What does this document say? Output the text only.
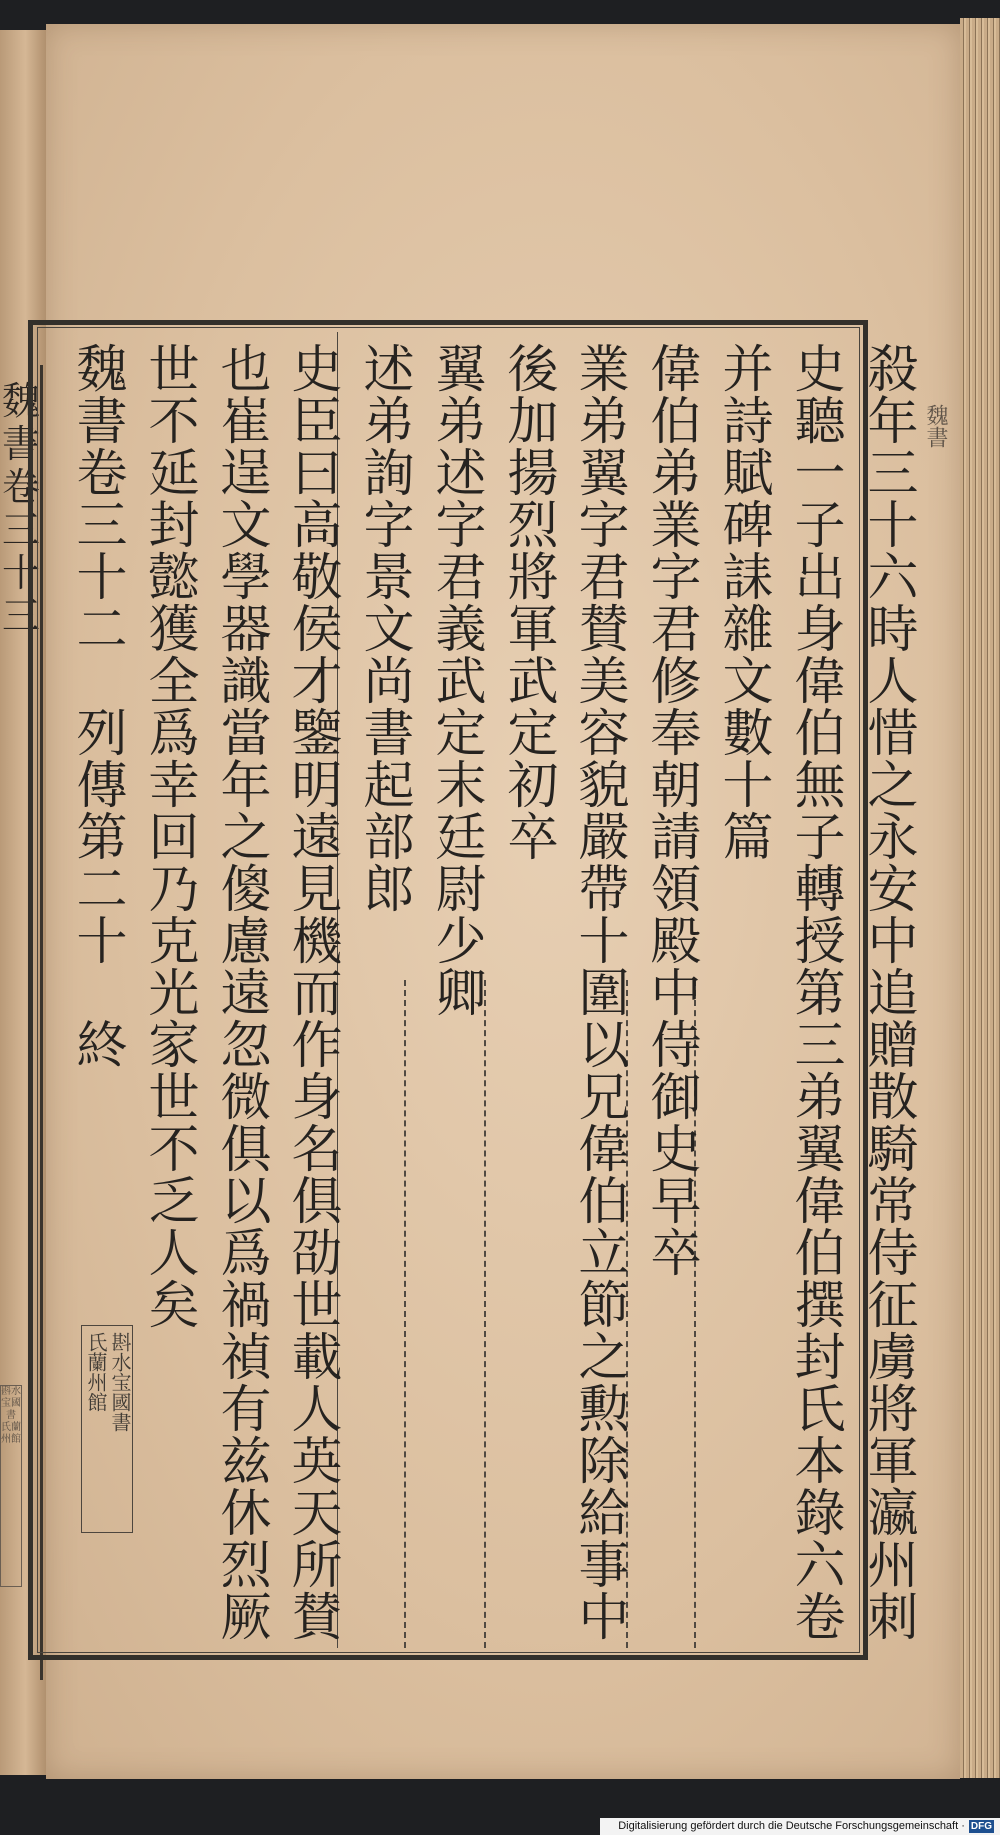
魏書卷三十三
斟水宝國書 氏蘭州館
魏書
殺年三十六時人惜之永安中追贈散騎常侍征虜將軍瀛州刺
史聽一子出身偉伯無子轉授第三弟翼偉伯撰封氏本錄六卷
并詩賦碑誄雜文數十篇
偉伯弟業字君修奉朝請領殿中侍御史早卒
業弟翼字君賛美容貌嚴帶十圍以兄偉伯立節之勲除給事中
後加揚烈將軍武定初卒
翼弟述字君義武定末廷尉少卿
述弟詢字景文尚書起部郎
史臣曰高敬侯才鑒明遠見機而作身名俱劭世載人英天所賛
也崔逞文學器識當年之傻慮遠忽微俱以爲禍禎有兹休烈厥
世不延封懿獲全爲幸回乃克光家世不乏人矣
魏書卷三十二　列傳第二十　終
斟水宝國書
氏蘭州館
Digitalisierung gefördert durch die Deutsche Forschungsgemeinschaft · DFG
